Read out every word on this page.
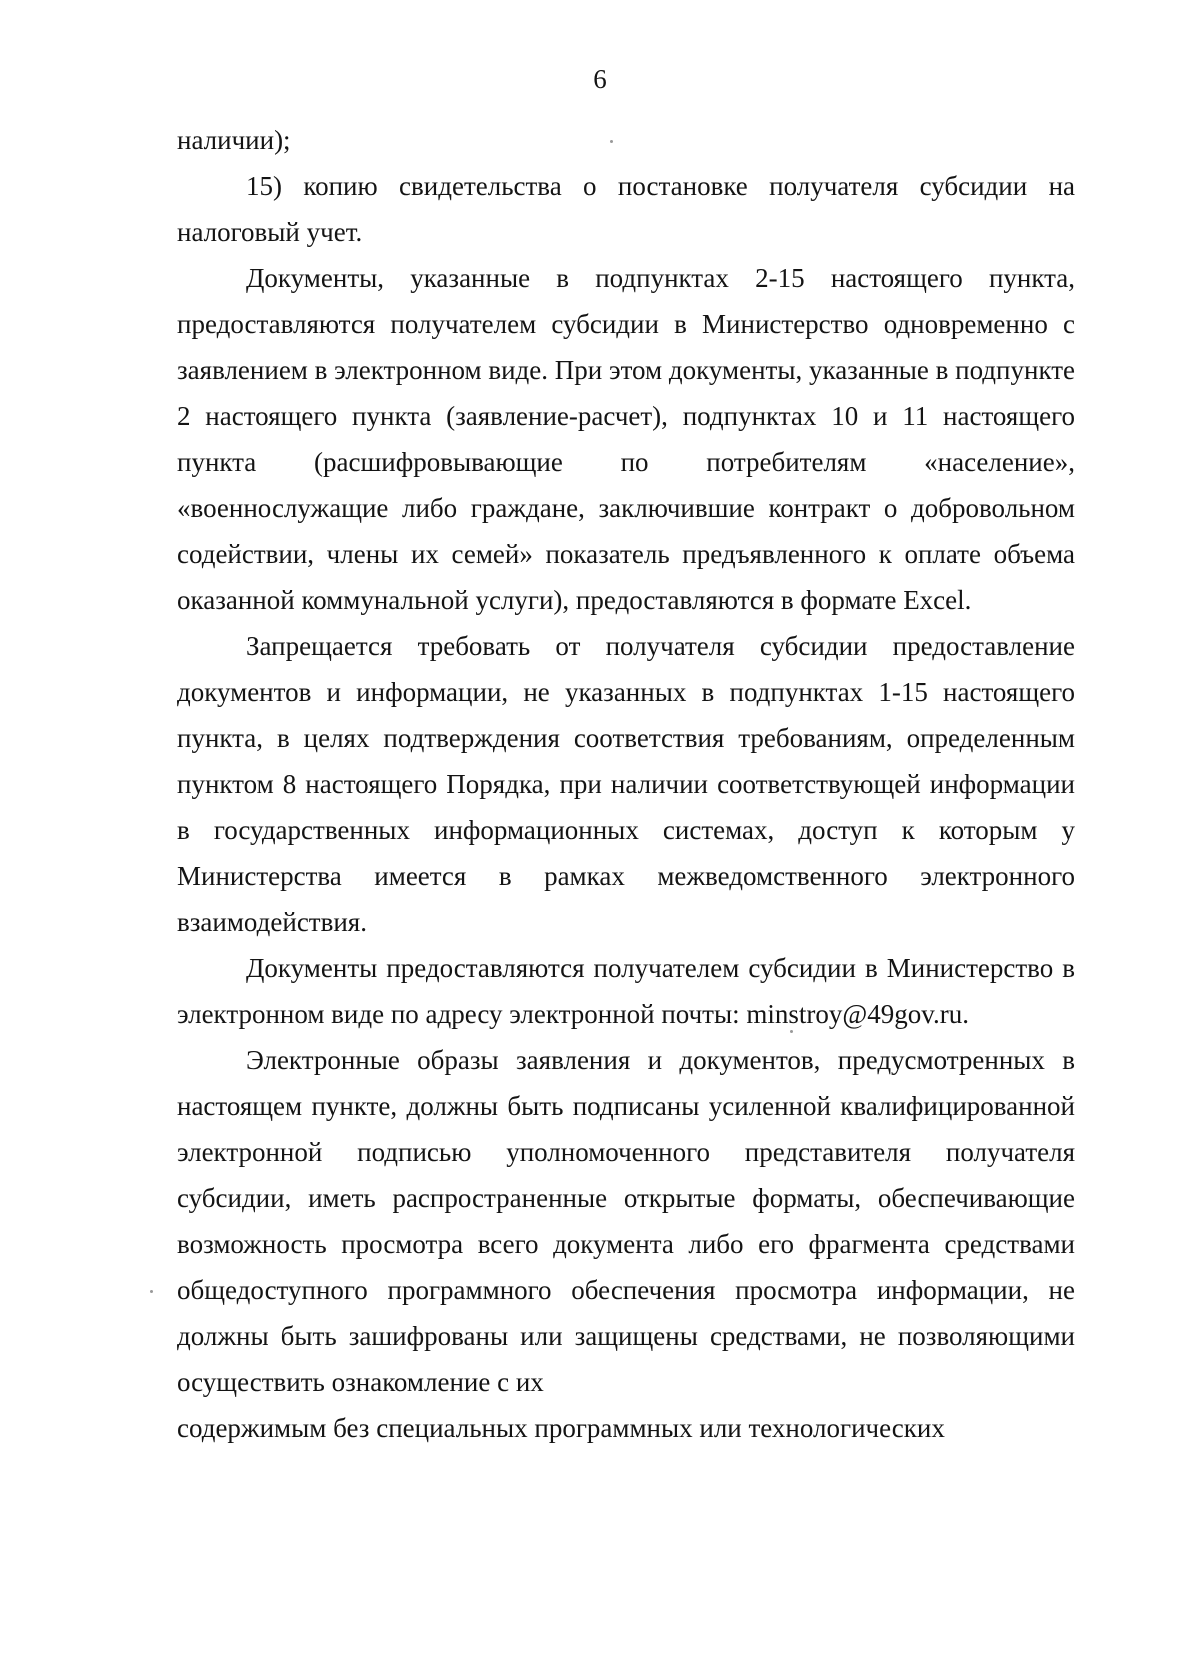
6

наличии);

15) копию свидетельства о постановке получателя субсидии на налоговый учет.

Документы, указанные в подпунктах 2-15 настоящего пункта, предоставляются получателем субсидии в Министерство одновременно с заявлением в электронном виде. При этом документы, указанные в подпункте 2 настоящего пункта (заявление-расчет), подпунктах 10 и 11 настоящего пункта (расшифровывающие по потребителям «население», «военнослужащие либо граждане, заключившие контракт о добровольном содействии, члены их семей» показатель предъявленного к оплате объема оказанной коммунальной услуги), предоставляются в формате Excel.

Запрещается требовать от получателя субсидии предоставление документов и информации, не указанных в подпунктах 1-15 настоящего пункта, в целях подтверждения соответствия требованиям, определенным пунктом 8 настоящего Порядка, при наличии соответствующей информации в государственных информационных системах, доступ к которым у Министерства имеется в рамках межведомственного электронного взаимодействия.

Документы предоставляются получателем субсидии в Министерство в электронном виде по адресу электронной почты: minstroy@49gov.ru.

Электронные образы заявления и документов, предусмотренных в настоящем пункте, должны быть подписаны усиленной квалифицированной электронной подписью уполномоченного представителя получателя субсидии, иметь распространенные открытые форматы, обеспечивающие возможность просмотра всего документа либо его фрагмента средствами общедоступного программного обеспечения просмотра информации, не должны быть зашифрованы или защищены средствами, не позволяющими осуществить ознакомление с их

содержимым без специальных программных или технологических
